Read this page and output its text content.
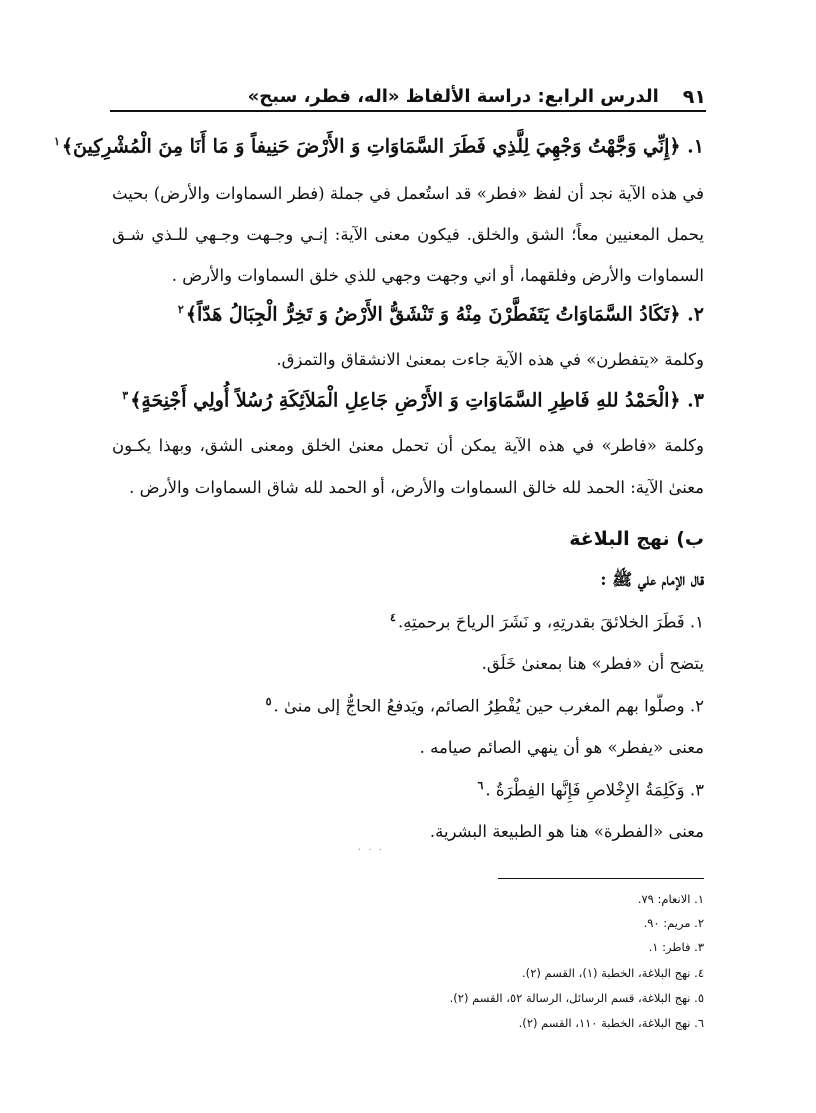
٩١
الدرس الرابع: دراسة الألفاظ «اله، فطر، سبح»
١. ﴿إِنِّي وَجَّهْتُ وَجْهِيَ لِلَّذِي فَطَرَ السَّمَاوَاتِ وَ الأَرْضَ حَنِيفاً وَ مَا أَنَا مِنَ الْمُشْرِكِينَ﴾$^١$
في هذه الآية نجد أن لفظ «فطر» قد استُعمل في جملة (فطر السماوات والأرض) بحيث
يحمل المعنيين معاً؛ الشق والخلق. فيكون معنى الآية: إنـي وجـهت وجـهي للـذي شـق
السماوات والأرض وفلقهما، أو اني وجهت وجهي للذي خلق السماوات والأرض .
٢. ﴿تَكَادُ السَّمَاوَاتُ يَتَفَطَّرْنَ مِنْهُ وَ تَنْشَقُّ الأَرْضُ وَ تَخِرُّ الْجِبَالُ هَدّاً﴾$^٢$
وكلمة «يتفطرن» في هذه الآية جاءت بمعنىٰ الانشقاق والتمزق.
٣. ﴿الْحَمْدُ للهِ فَاطِرِ السَّمَاوَاتِ وَ الأَرْضِ جَاعِلِ الْمَلاَئِكَةِ رُسُلاً أُولِي أَجْنِحَةٍ﴾$^٣$
وكلمة «فاطر» في هذه الآية يمكن أن تحمل معنىٰ الخلق ومعنى الشق، وبهذا يكـون
معنىٰ الآية: الحمد لله خالق السماوات والأرض، أو الحمد لله شاق السماوات والأرض .
ب) نهج البلاغة
قال الإمام علي ﷺ :
١. فَطَرَ الخلائقَ بقدرتِهِ، و نَشَرَ الرياحَ برحمتِهِ.$^٤$
يتضح أن «فطر» هنا بمعنىٰ خَلَق.
٢. وصلّوا بهم المغرب حين يُفْطِرُ الصائم، ويَدفعُ الحاجُّ إلى منىٰ .$^٥$
معنى «يفطر» هو أن ينهي الصائم صيامه .
٣. وَكَلِمَةُ الإِخْلاصِ فَإِنَّها الفِطْرَةُ .$^٦$
معنى «الفطرة» هنا هو الطبيعة البشرية.
· · ·
١. الانعام: ٧٩.
٢. مريم: ٩٠.
٣. فاطر: ١.
٤. نهج البلاغة، الخطبة (١)، القسم (٢).
٥. نهج البلاغة، قسم الرسائل، الرسالة ٥٢، القسم (٢).
٦. نهج البلاغة، الخطبة ١١٠، القسم (٢).
